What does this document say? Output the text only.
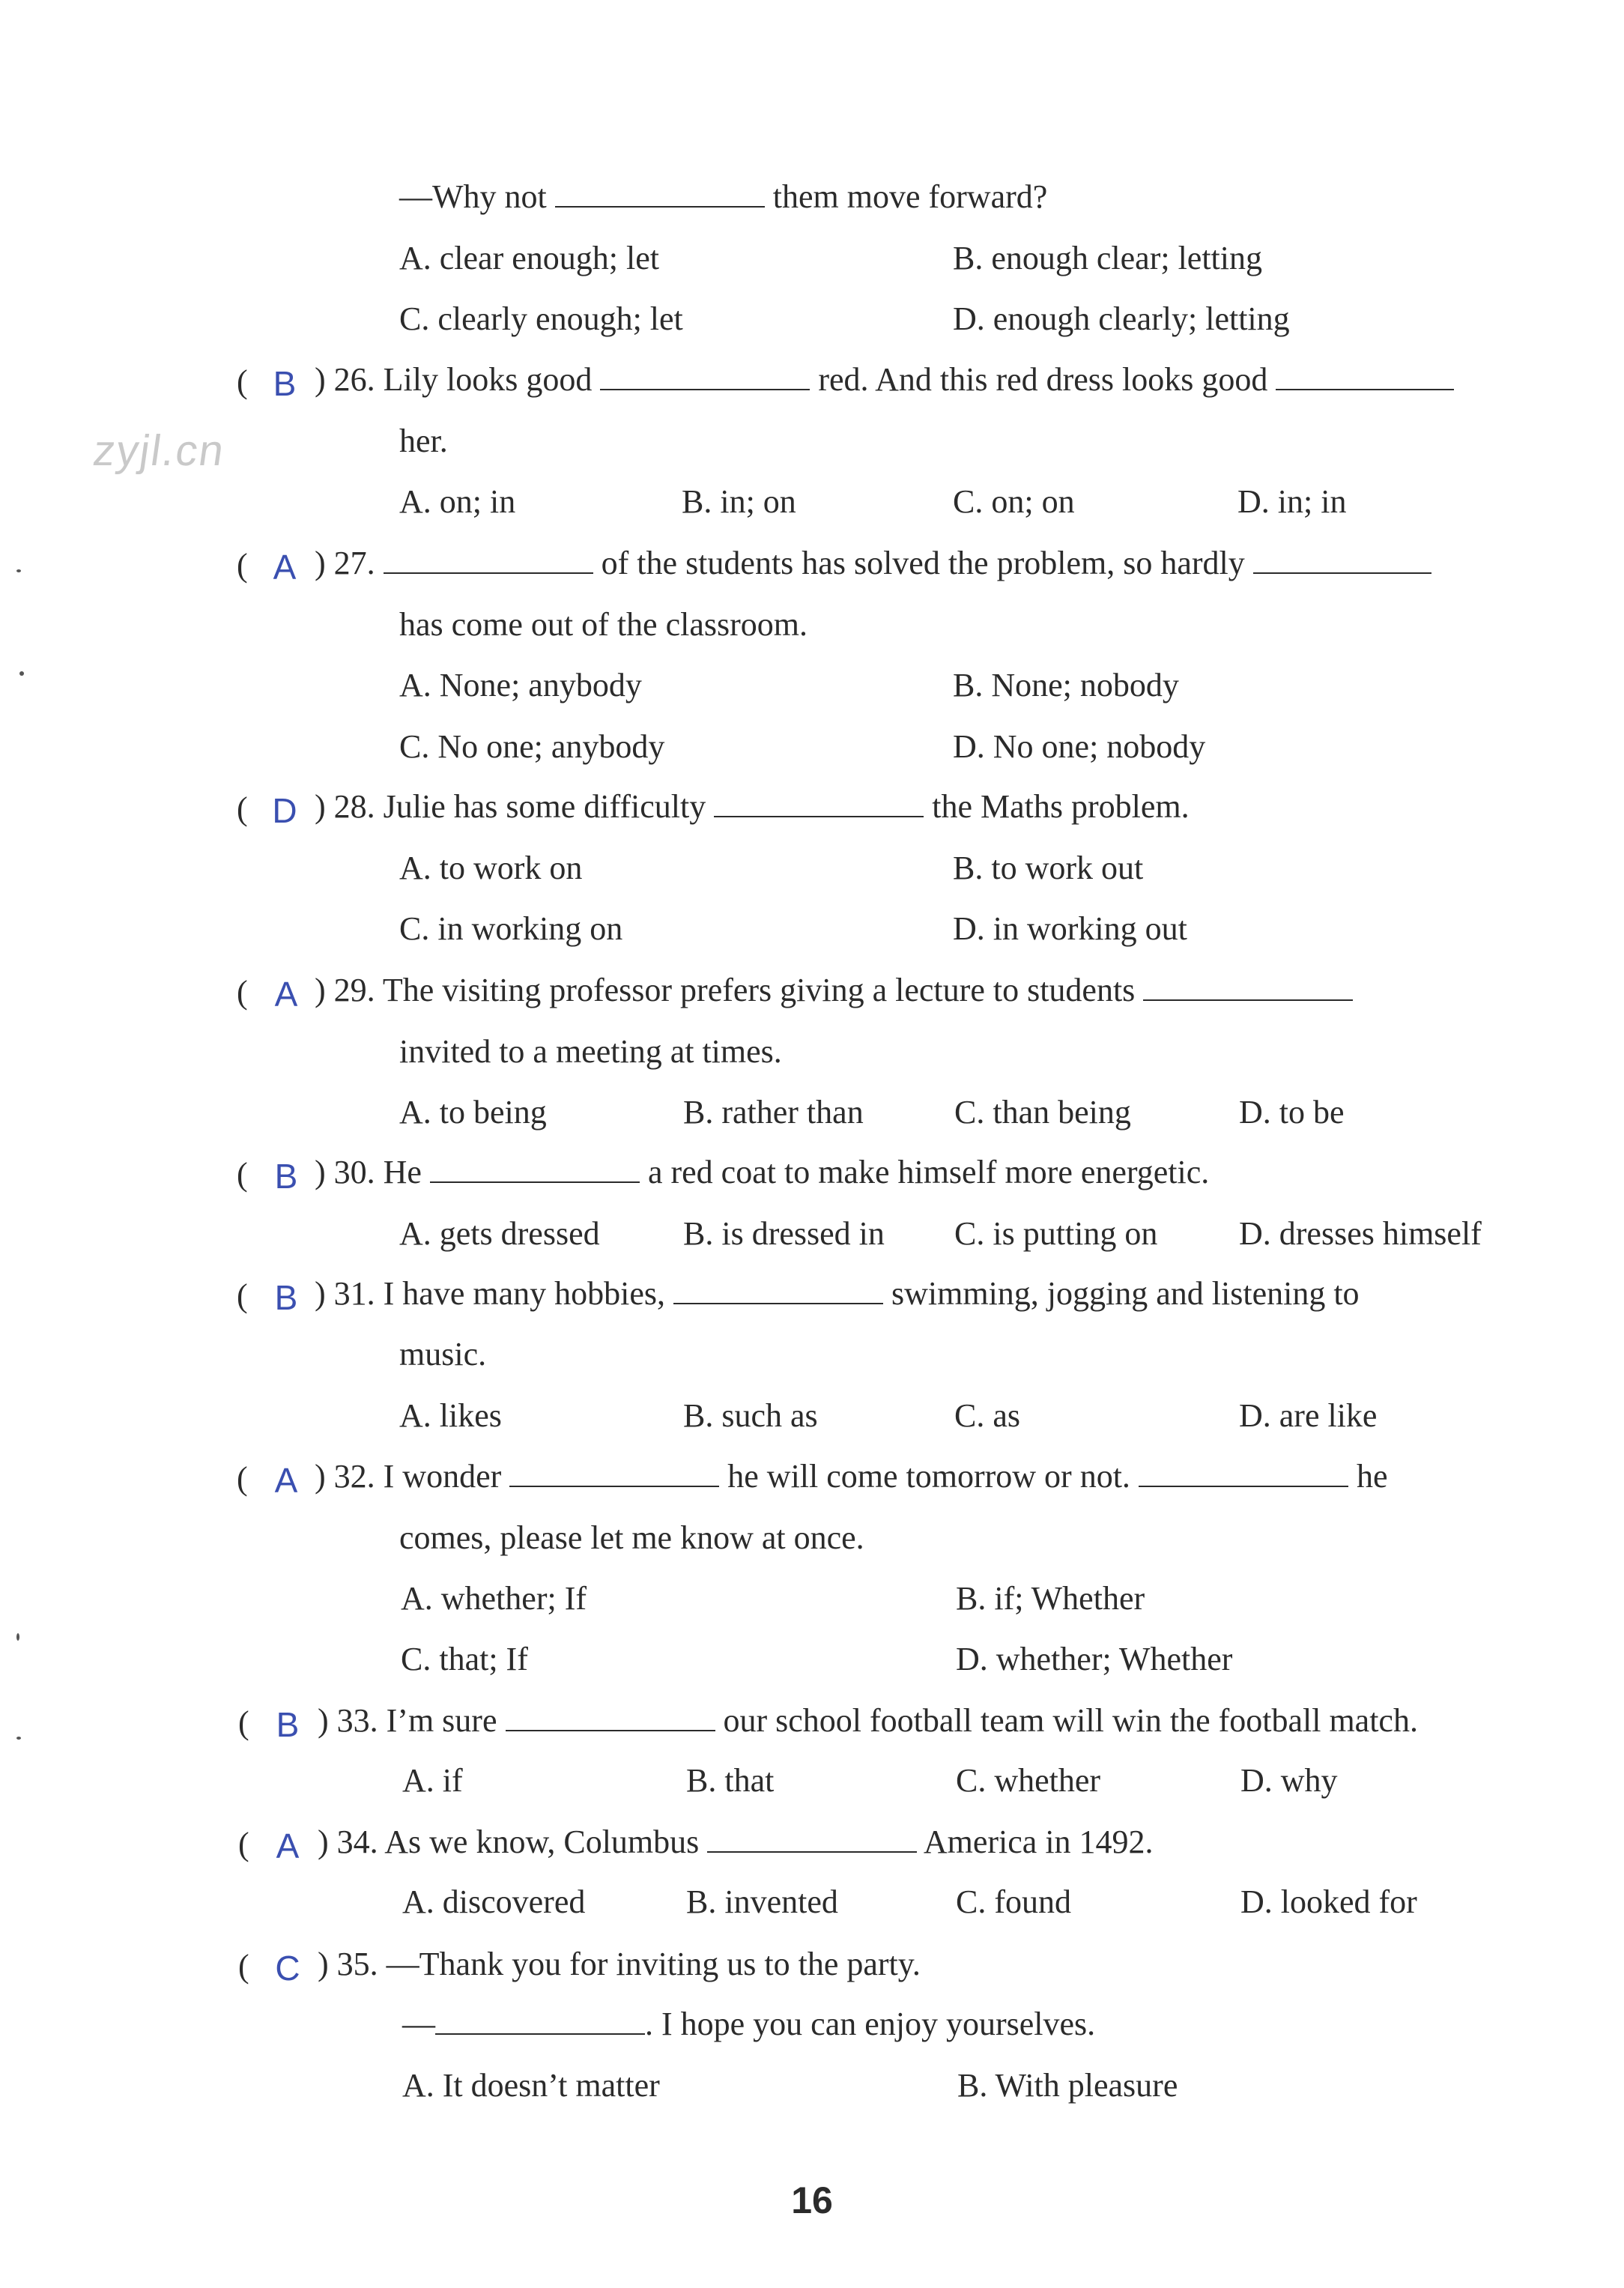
zyjl.cn
—Why not	them move forward?
A. clear enough; let	B. enough clear; letting
C. clearly enough; let	D. enough clearly; letting
( B ) 26. Lily looks good	red. And this red dress looks good
her.
A. on; in	B. in; on	C. on; on	D. in; in
( A ) 27.	of the students has solved the problem, so hardly
has come out of the classroom.
A. None; anybody	B. None; nobody
C. No one; anybody	D. No one; nobody
( D ) 28. Julie has some difficulty	the Maths problem.
A. to work on	B. to work out
C. in working on	D. in working out
( A ) 29. The visiting professor prefers giving a lecture to students
invited to a meeting at times.
A. to being	B. rather than	C. than being	D. to be
( B ) 30. He	a red coat to make himself more energetic.
A. gets dressed	B. is dressed in C. is putting on D. dresses himself
( B ) 31. I have many hobbies,	swimming, jogging and listening to
music.
A. likes	B. such as	C. as	D. are like
( A ) 32. I wonder	he will come tomorrow or not.	he
comes, please let me know at once.
A. whether; If	B. if; Whether
C. that; If	D. whether; Whether
( B ) 33. I’m sure	our school football team will win the football match.
A. if	B. that	C. whether	D. why
( A ) 34. As we know, Columbus	America in 1492.
A. discovered	B. invented	C. found	D. looked for
( C ) 35. —Thank you for inviting us to the party.
—	. I hope you can enjoy yourselves.
A. It doesn’t matter	B. With pleasure
16
